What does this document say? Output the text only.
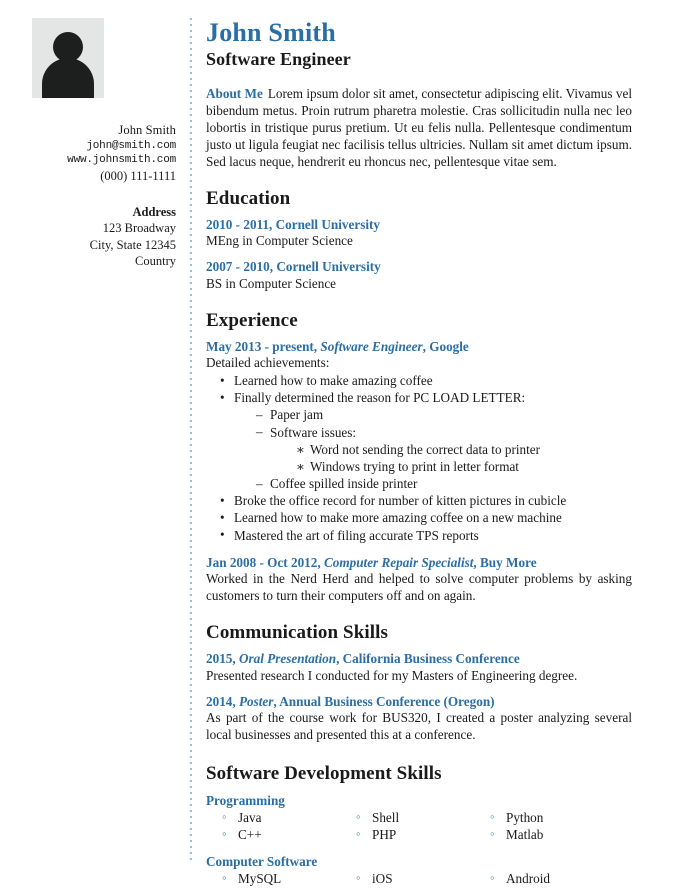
John Smith
john@smith.com
www.johnsmith.com
(000) 111-1111
Address
123 Broadway
City, State 12345
Country
John Smith
Software Engineer

About Me Lorem ipsum dolor sit amet, consectetur adipiscing elit. Vivamus vel bibendum metus. Proin rutrum pharetra molestie. Cras sollicitudin nulla nec leo lobortis in tristique purus pretium. Ut eu felis nulla. Pellentesque condimentum justo ut ligula feugiat nec facilisis tellus ultricies. Nullam sit amet dictum ipsum. Sed lacus neque, hendrerit eu rhoncus nec, pellentesque vitae sem.

Education
2010 - 2011, Cornell University
MEng in Computer Science
2007 - 2010, Cornell University
BS in Computer Science
Experience
May 2013 - present, Software Engineer, Google
Detailed achievements:
• Learned how to make amazing coffee
• Finally determined the reason for PC LOAD LETTER:
– Paper jam
– Software issues:
∗ Word not sending the correct data to printer
∗ Windows trying to print in letter format
– Coffee spilled inside printer
• Broke the office record for number of kitten pictures in cubicle
• Learned how to make more amazing coffee on a new machine
• Mastered the art of filing accurate TPS reports
Jan 2008 - Oct 2012, Computer Repair Specialist, Buy More
Worked in the Nerd Herd and helped to solve computer problems by asking customers to turn their computers off and on again.
Communication Skills
2015, Oral Presentation, California Business Conference
Presented research I conducted for my Masters of Engineering degree.
2014, Poster, Annual Business Conference (Oregon)
As part of the course work for BUS320, I created a poster analyzing several local businesses and presented this at a conference.
Software Development Skills
Programming
◦ Java	◦ Shell	◦ Python
◦ C++	◦ PHP	◦ Matlab
Computer Software
◦ MySQL	◦ iOS	◦ Android
